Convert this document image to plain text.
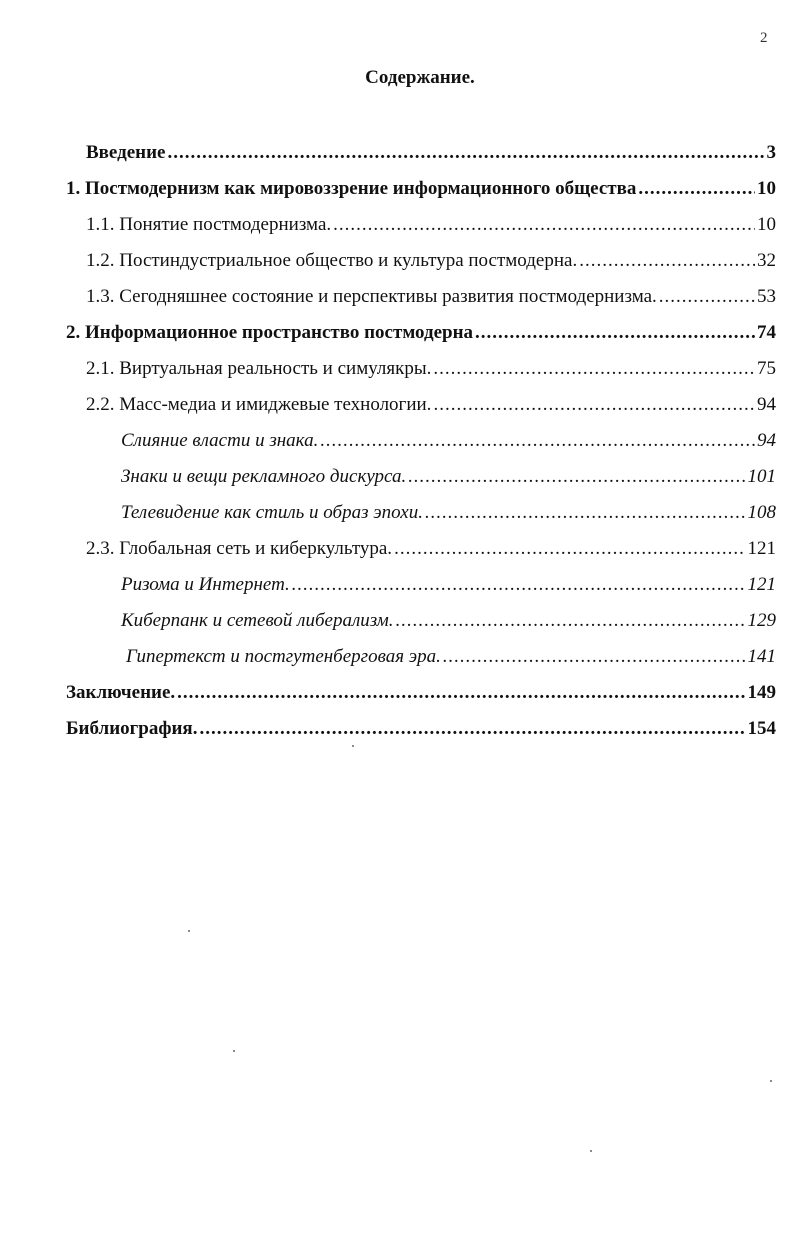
2
Содержание.
Введение .....	3
1. Постмодернизм как мировоззрение информационного общества .....	10
1.1. Понятие постмодернизма. .....	10
1.2. Постиндустриальное общество и культура постмодерна. .....	32
1.3. Сегодняшнее состояние и перспективы развития постмодернизма. .....	53
2. Информационное пространство постмодерна .....	74
2.1. Виртуальная реальность и симулякры. .....	75
2.2. Масс-медиа и имиджевые технологии. .....	94
Слияние власти и знака. .....	94
Знаки и вещи рекламного дискурса. .....	101
Телевидение как стиль и образ эпохи. .....	108
2.3. Глобальная сеть и киберкультура. .....	121
Ризома и Интернет. .....	121
Киберпанк и сетевой либерализм. .....	129
Гипертекст и постгутенберговая эра. .....	141
Заключение. .....	149
Библиография. .....	154
